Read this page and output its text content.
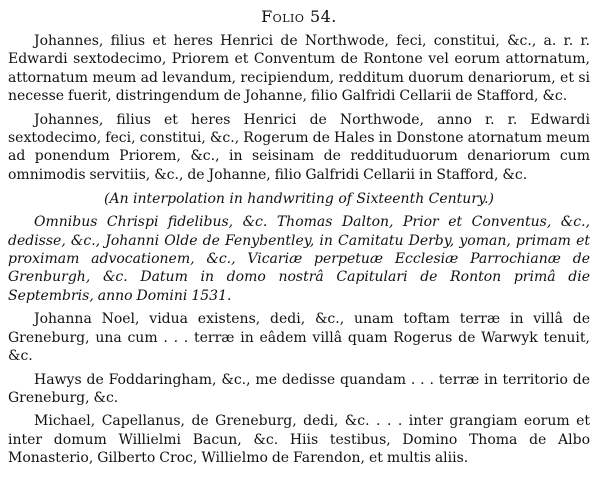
Folio 54.

Johannes, filius et heres Henrici de Northwode, feci, constitui, &c., a. r. r. Edwardi sextodecimo, Priorem et Conventum de Rontone vel eorum attornatum, attornatum meum ad levandum, recipiendum, redditum duorum denariorum, et si necesse fuerit, distringendum de Johanne, filio Galfridi Cellarii de Stafford, &c.

Johannes, filius et heres Henrici de Northwode, anno r. r. Edwardi sextodecimo, feci, constitui, &c., Rogerum de Hales in Donstone atornatum meum ad ponendum Priorem, &c., in seisinam de reddituduorum denariorum cum omnimodis servitiis, &c., de Johanne, filio Galfridi Cellarii in Stafford, &c.

(An interpolation in handwriting of Sixteenth Century.)

Omnibus Chrispi fidelibus, &c. Thomas Dalton, Prior et Conventus, &c., dedisse, &c., Johanni Olde de Fenybentley, in Camitatu Derby, yoman, primam et proximam advocationem, &c., Vicariæ perpetuæ Ecclesiæ Parrochianæ de Grenburgh, &c. Datum in domo nostrâ Capitulari de Ronton primâ die Septembris, anno Domini 1531.

Johanna Noel, vidua existens, dedi, &c., unam toftam terræ in villâ de Greneburg, una cum . . . terræ in eâdem villâ quam Rogerus de Warwyk tenuit, &c.

Hawys de Foddaringham, &c., me dedisse quandam . . . terræ in territorio de Greneburg, &c.

Michael, Capellanus, de Greneburg, dedi, &c. . . . inter grangiam eorum et inter domum Willielmi Bacun, &c. Hiis testibus, Domino Thoma de Albo Monasterio, Gilberto Croc, Willielmo de Farendon, et multis aliis.
